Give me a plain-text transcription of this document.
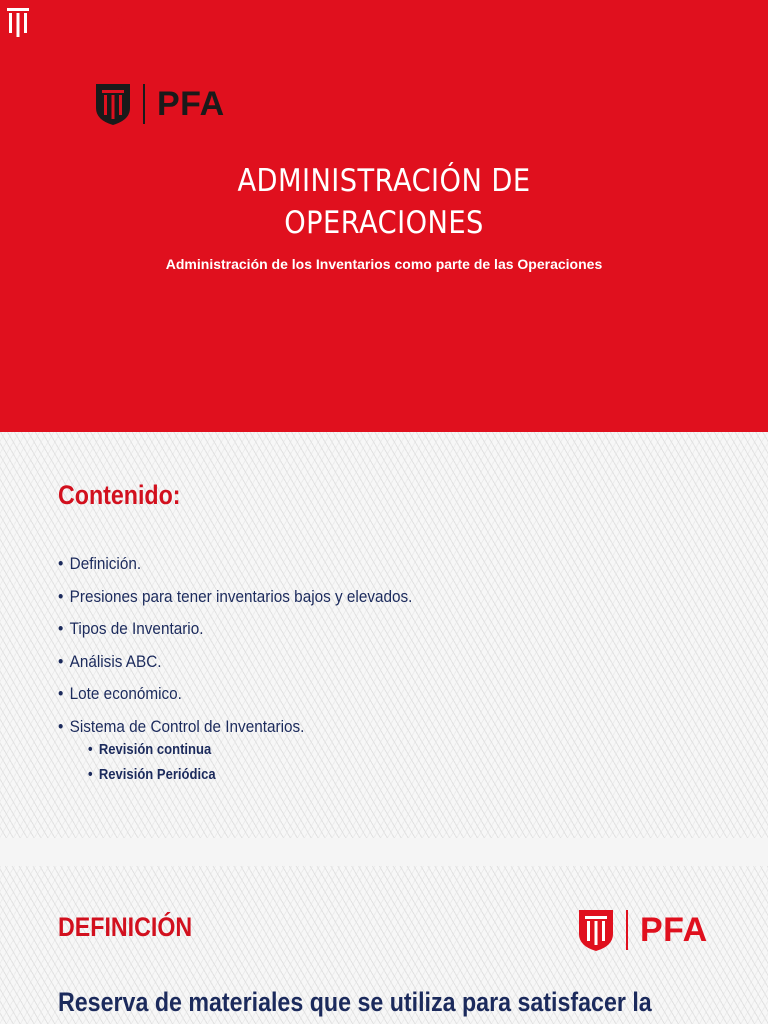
PFA
ADMINISTRACIÓN DE
OPERACIONES
Administración de los Inventarios como parte de las Operaciones
Contenido:
PFA
• Definición.
• Presiones para tener inventarios bajos y elevados.
• Tipos de Inventario.
• Análisis ABC.
• Lote económico.
• Sistema de Control de Inventarios.
• Revisión continua
• Revisión Periódica
DEFINICIÓN	PFA
Reserva de materiales que se utiliza para satisfacer la
